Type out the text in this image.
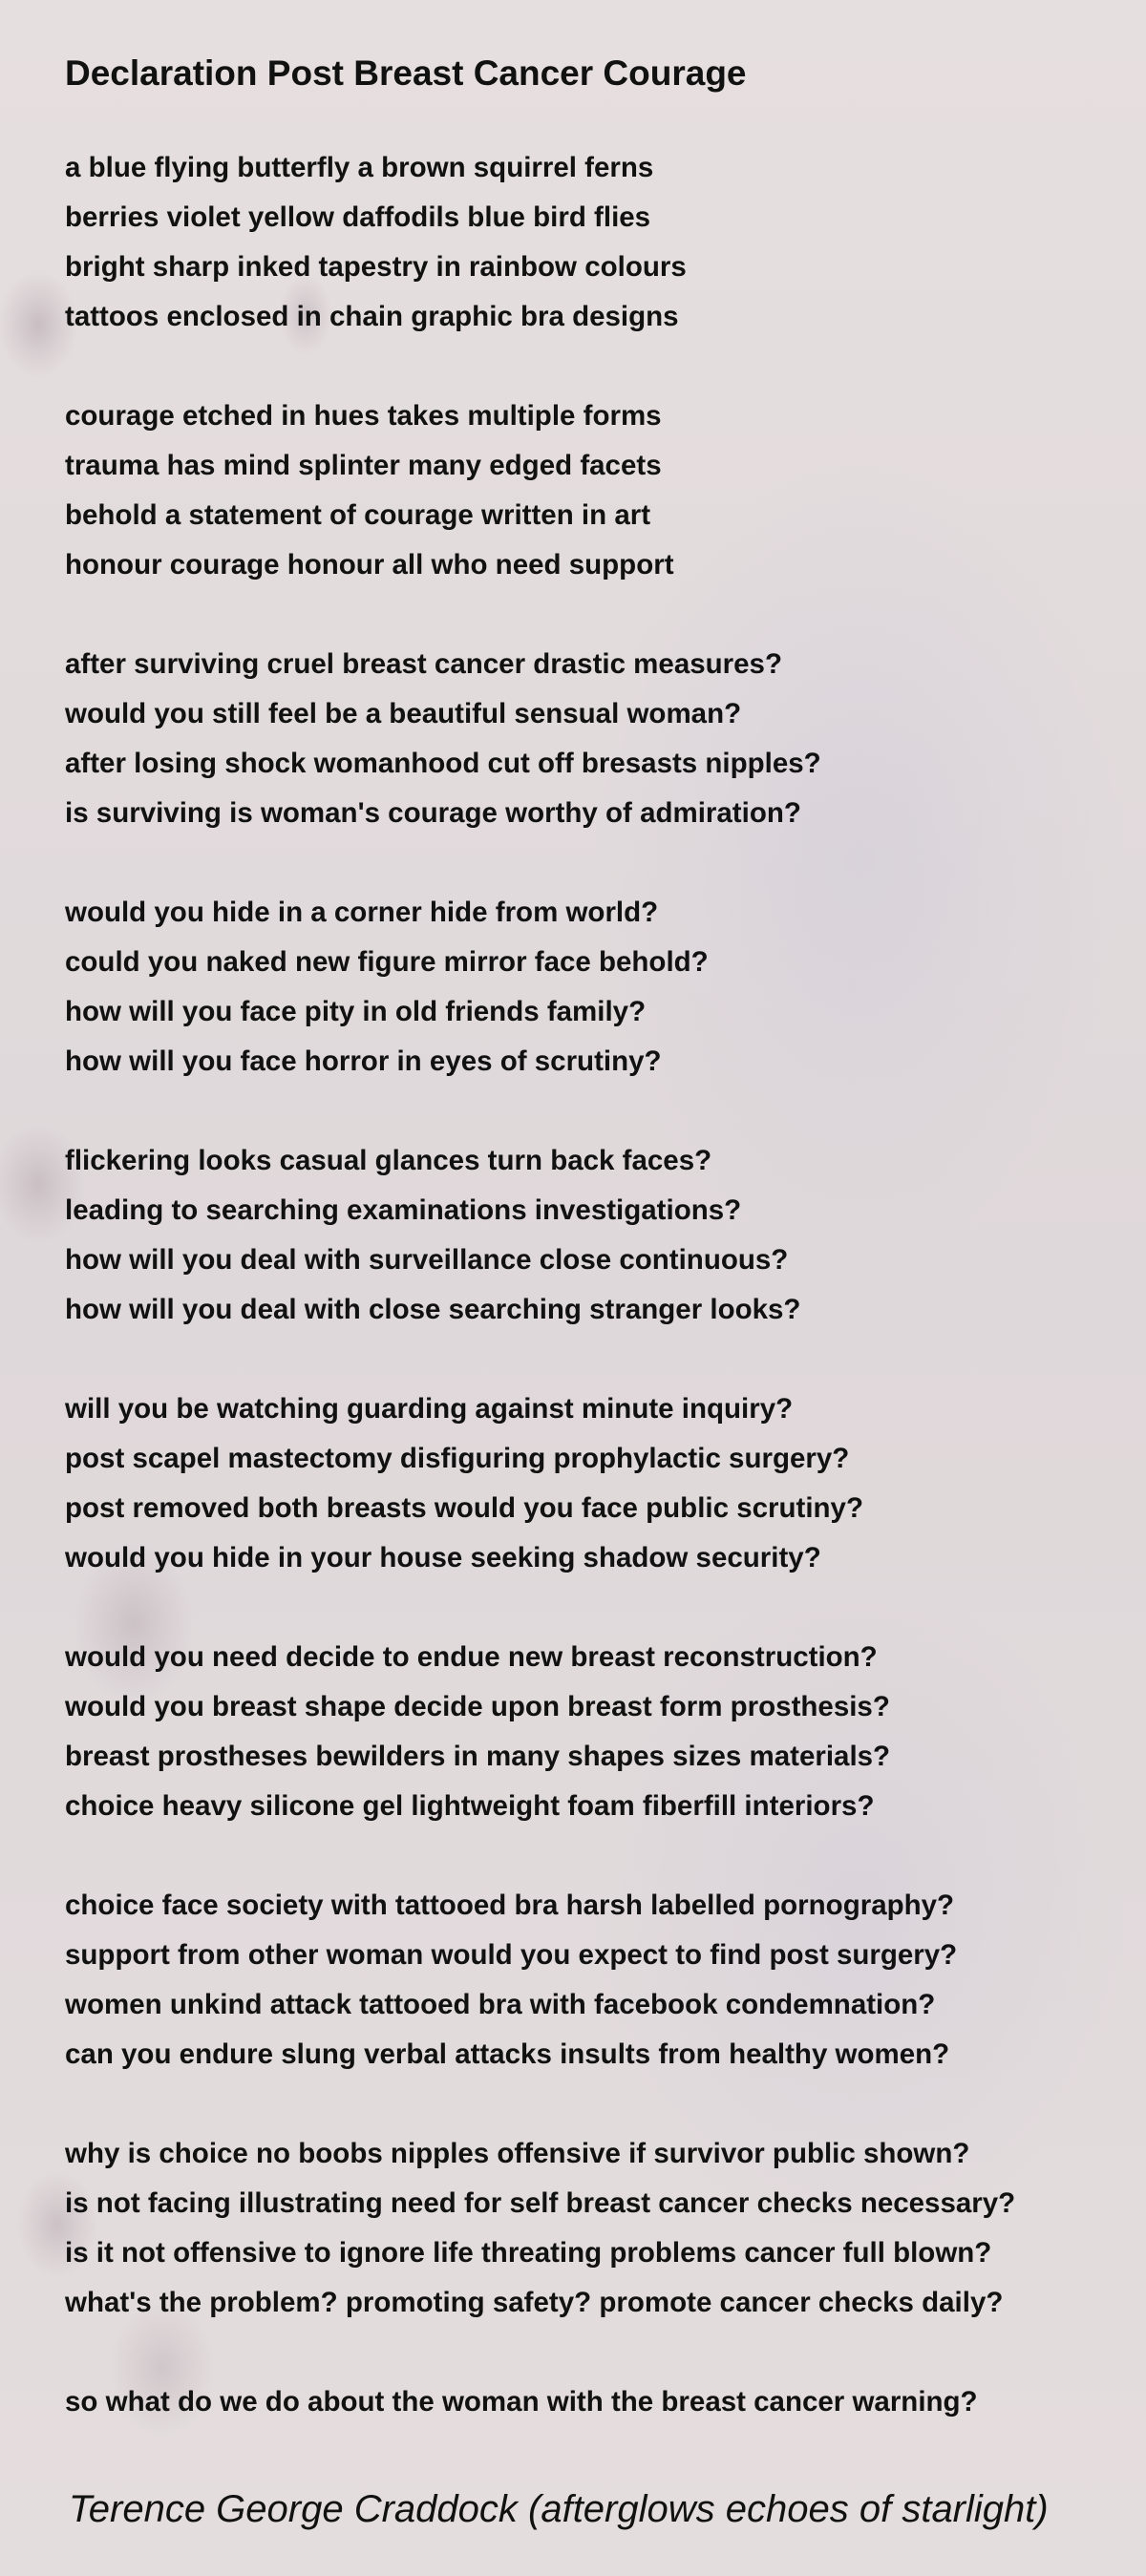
Declaration Post Breast Cancer Courage
a blue flying butterfly a brown squirrel ferns
berries violet yellow daffodils blue bird flies
bright sharp inked tapestry in rainbow colours
tattoos enclosed in chain graphic bra designs
courage etched in hues takes multiple forms
trauma has mind splinter many edged facets
behold a statement of courage written in art
honour courage honour all who need support
after surviving cruel breast cancer drastic measures?
would you still feel be a beautiful sensual woman?
after losing shock womanhood cut off bresasts nipples?
is surviving is woman's courage worthy of admiration?
would you hide in a corner hide from world?
could you naked new figure mirror face behold?
how will you face pity in old friends family?
how will you face horror in eyes of scrutiny?
flickering looks casual glances turn back faces?
leading to searching examinations investigations?
how will you deal with surveillance close continuous?
how will you deal with close searching stranger looks?
will you be watching guarding against minute inquiry?
post scapel mastectomy disfiguring prophylactic surgery?
post removed both breasts would you face public scrutiny?
would you hide in your house seeking shadow security?
would you need decide to endue new breast reconstruction?
would you breast shape decide upon breast form prosthesis?
breast prostheses bewilders in many shapes sizes materials?
choice heavy silicone gel lightweight foam fiberfill interiors?
choice face society with tattooed bra harsh labelled pornography?
support from other woman would you expect to find post surgery?
women unkind attack tattooed bra with facebook condemnation?
can you endure slung verbal attacks insults from healthy women?
why is choice no boobs nipples offensive if survivor public shown?
is not facing illustrating need for self breast cancer checks necessary?
is it not offensive to ignore life threating problems cancer full blown?
what's the problem? promoting safety? promote cancer checks daily?
so what do we do about the woman with the breast cancer warning?
Terence George Craddock (afterglows echoes of starlight)
